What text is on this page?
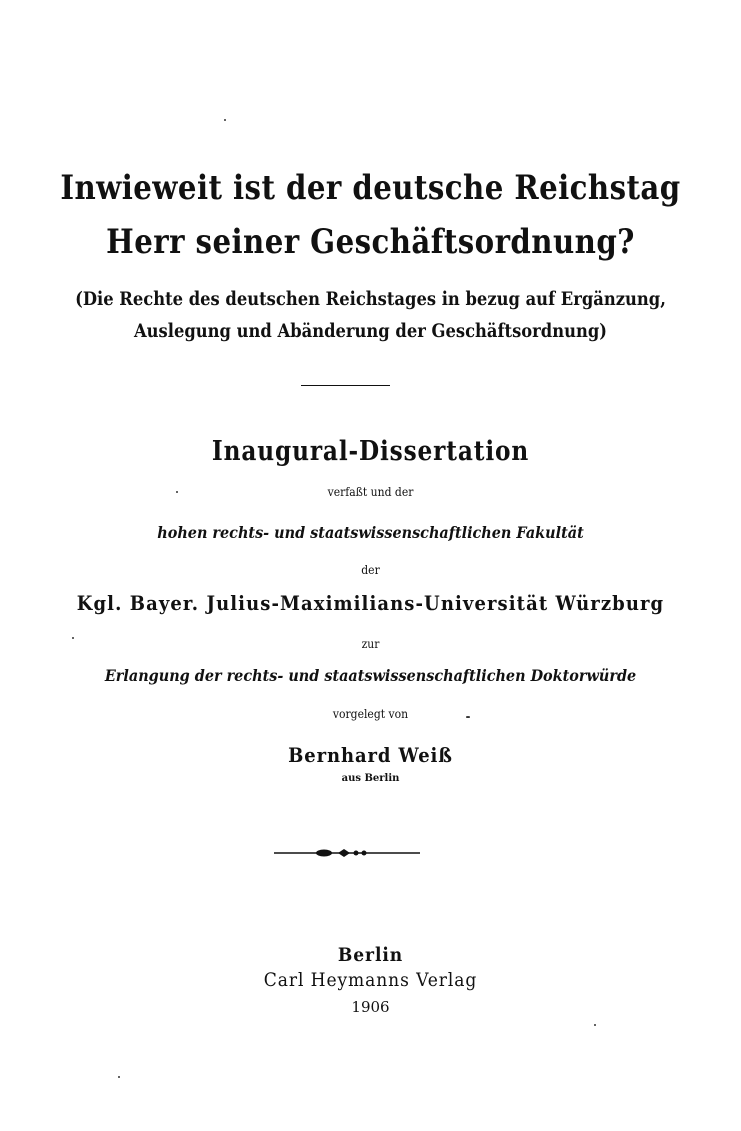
Inwieweit ist der deutsche Reichstag
Herr seiner Geschäftsordnung?
(Die Rechte des deutschen Reichstages in bezug auf Ergänzung,
Auslegung und Abänderung der Geschäftsordnung)
Inaugural-Dissertation
verfaßt und der
hohen rechts- und staatswissenschaftlichen Fakultät
der
Kgl. Bayer. Julius-Maximilians-Universität Würzburg
zur
Erlangung der rechts- und staatswissenschaftlichen Doktorwürde
vorgelegt von
Bernhard Weiß
aus Berlin
Berlin
Carl Heymanns Verlag
1906
